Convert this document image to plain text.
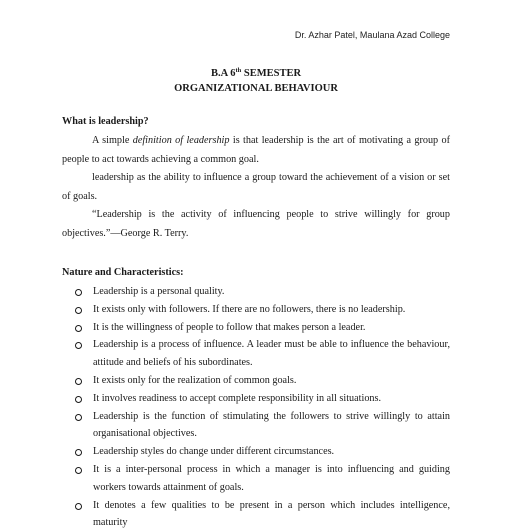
Dr. Azhar Patel, Maulana Azad College
B.A 6th SEMESTER
ORGANIZATIONAL BEHAVIOUR
What is leadership?
A simple definition of leadership is that leadership is the art of motivating a group of people to act towards achieving a common goal.
leadership as the ability to influence a group toward the achievement of a vision or set of goals.
“Leadership is the activity of influencing people to strive willingly for group objectives.”—George R. Terry.
Nature and Characteristics:
Leadership is a personal quality.
It exists only with followers. If there are no followers, there is no leadership.
It is the willingness of people to follow that makes person a leader.
Leadership is a process of influence. A leader must be able to influence the behaviour, attitude and beliefs of his subordinates.
It exists only for the realization of common goals.
It involves readiness to accept complete responsibility in all situations.
Leadership is the function of stimulating the followers to strive willingly to attain organisational objectives.
Leadership styles do change under different circumstances.
It is a inter-personal process in which a manager is into influencing and guiding workers towards attainment of goals.
It denotes a few qualities to be present in a person which includes intelligence, maturity
